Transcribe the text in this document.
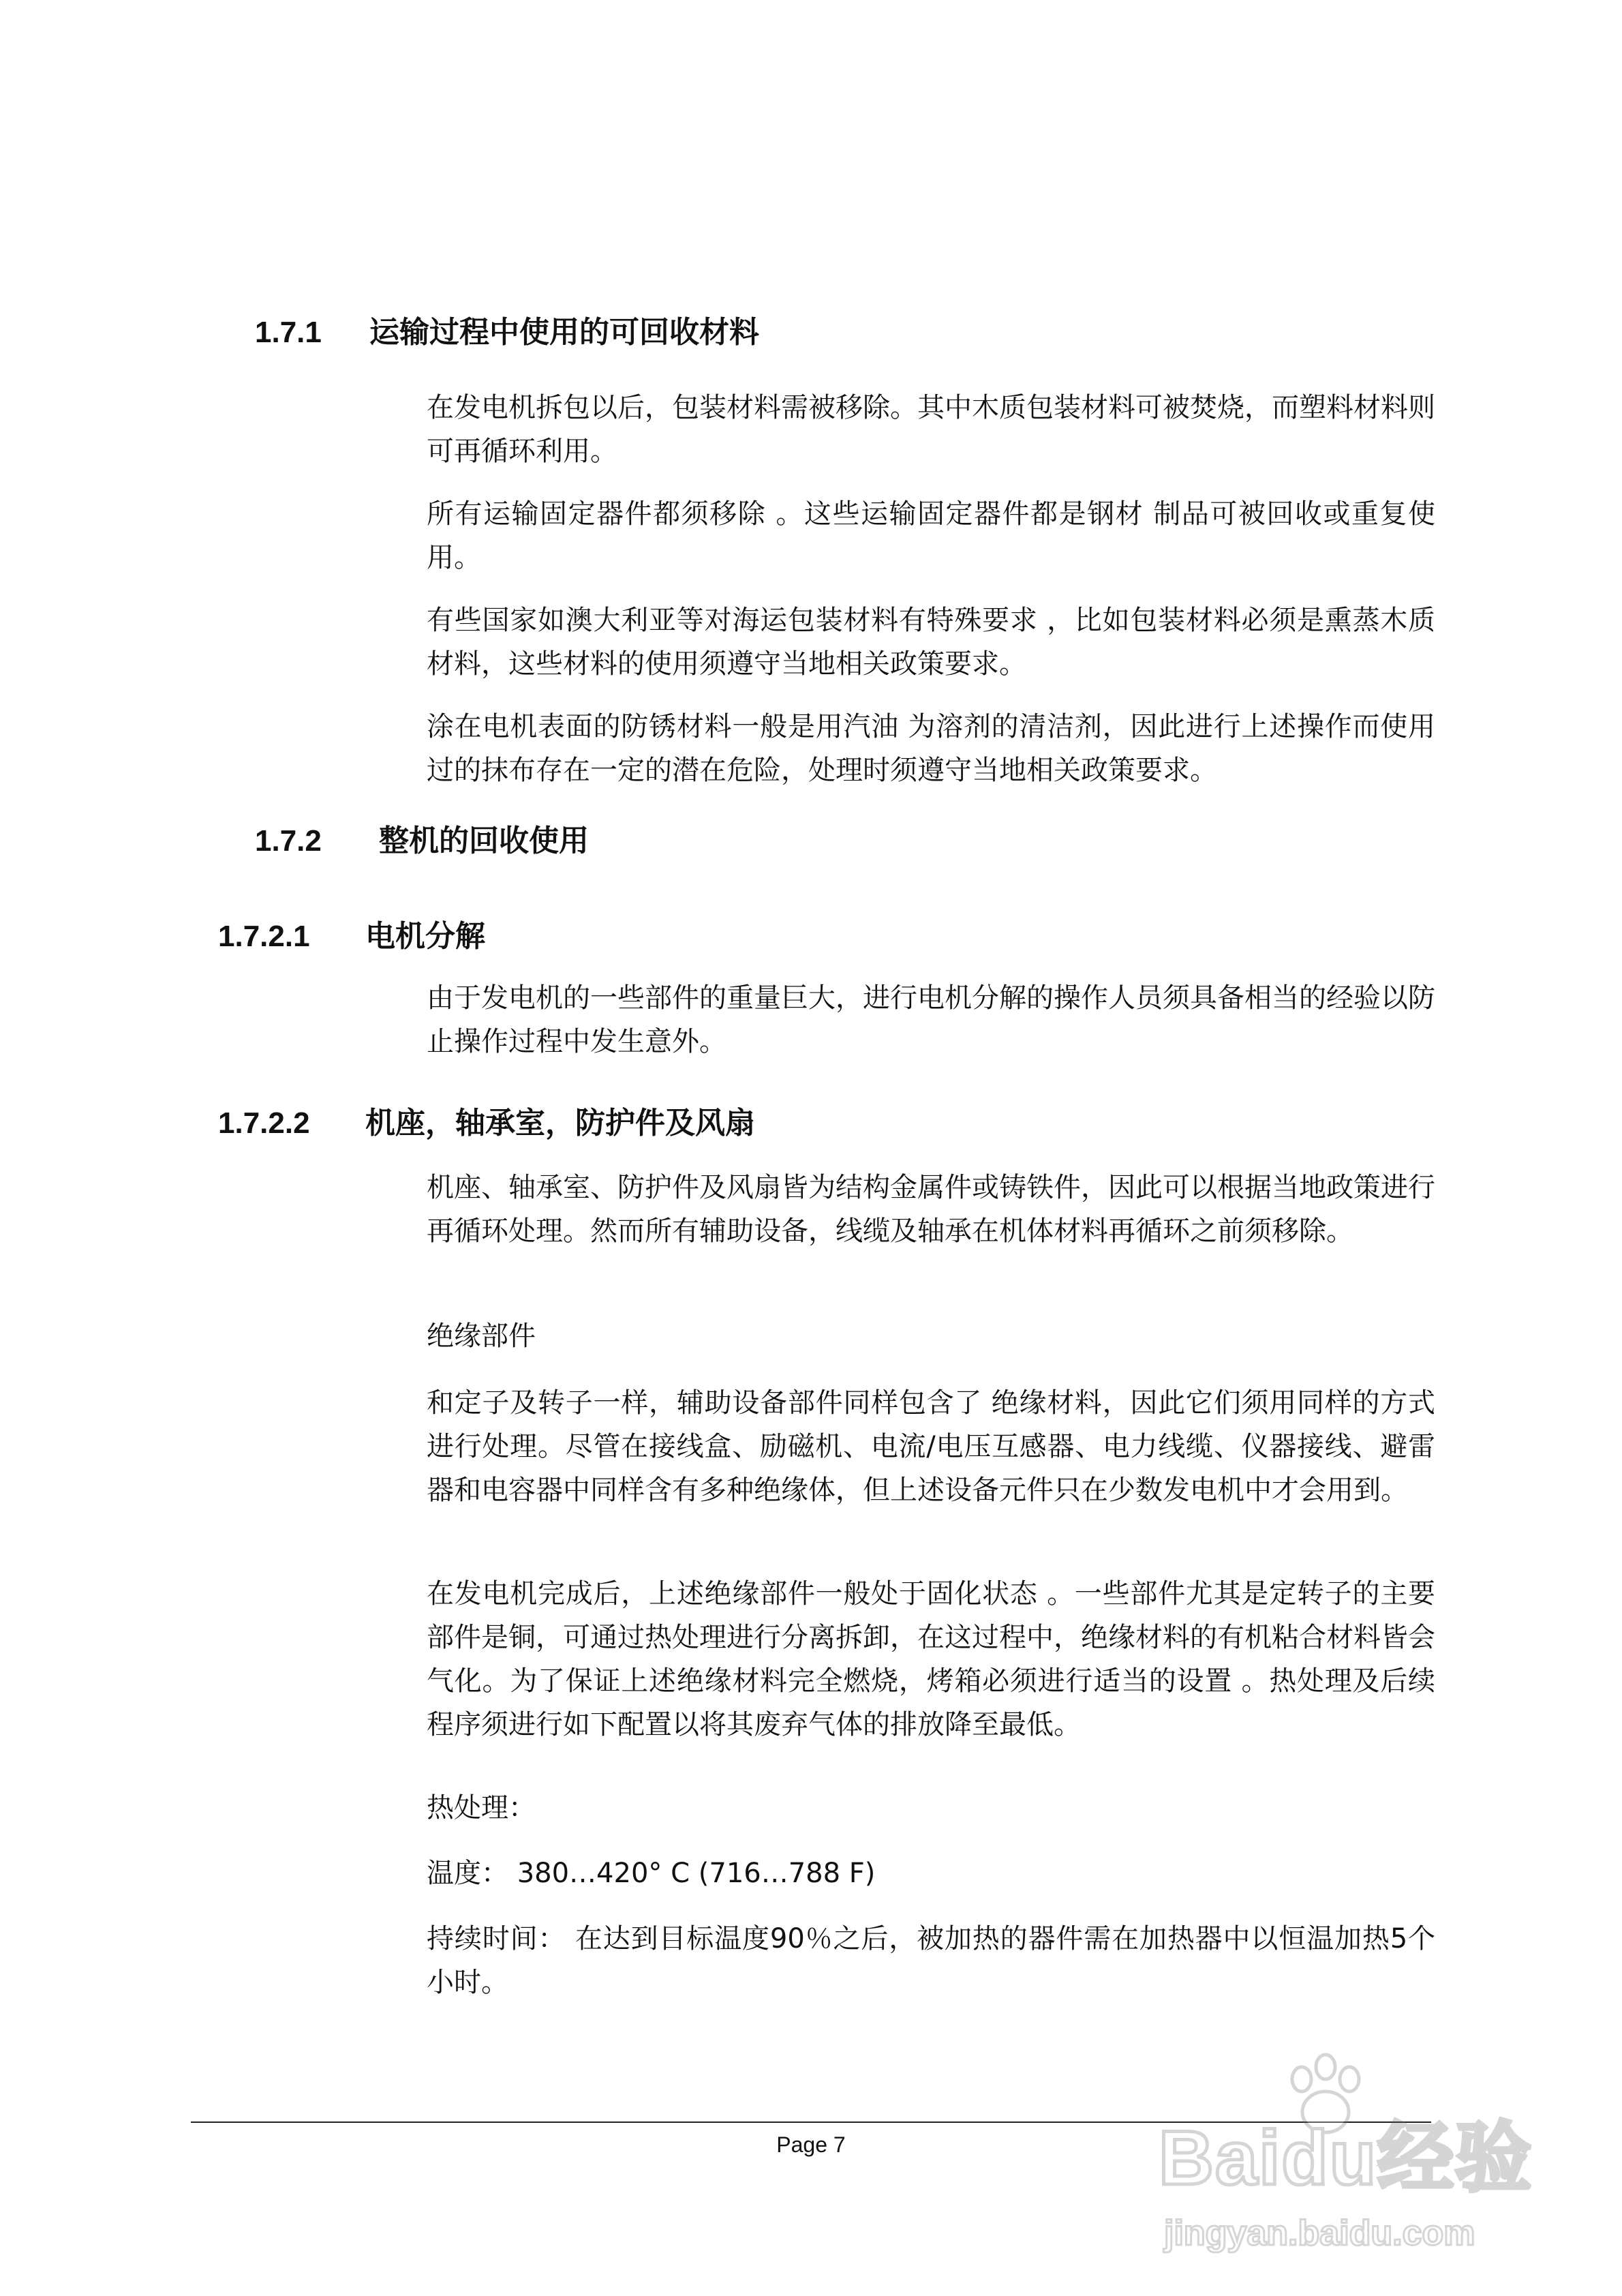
1.7.1 运输过程中使用的可回收材料
在发电机拆包以后，包装材料需被移除。其中木质包装材料可被焚烧，而塑料材料则可再循环利用。
所有运输固定器件都须移除 。这些运输固定器件都是钢材 制品可被回收或重复使用。
有些国家如澳大利亚等对海运包装材料有特殊要求 ，比如包装材料必须是熏蒸木质材料，这些材料的使用须遵守当地相关政策要求。
涂在电机表面的防锈材料一般是用汽油 为溶剂的清洁剂，因此进行上述操作而使用过的抹布存在一定的潜在危险，处理时须遵守当地相关政策要求。
1.7.2 整机的回收使用
1.7.2.1 电机分解
由于发电机的一些部件的重量巨大，进行电机分解的操作人员须具备相当的经验以防止操作过程中发生意外。
1.7.2.2 机座，轴承室，防护件及风扇
机座、轴承室、防护件及风扇皆为结构金属件或铸铁件，因此可以根据当地政策进行再循环处理。然而所有辅助设备，线缆及轴承在机体材料再循环之前须移除。
绝缘部件
和定子及转子一样，辅助设备部件同样包含了 绝缘材料，因此它们须用同样的方式进行处理。尽管在接线盒、励磁机、电流/电压互感器、电力线缆、仪器接线、避雷器和电容器中同样含有多种绝缘体，但上述设备元件只在少数发电机中才会用到。
在发电机完成后，上述绝缘部件一般处于固化状态 。一些部件尤其是定转子的主要部件是铜，可通过热处理进行分离拆卸，在这过程中，绝缘材料的有机粘合材料皆会气化。为了保证上述绝缘材料完全燃烧，烤箱必须进行适当的设置 。热处理及后续程序须进行如下配置以将其废弃气体的排放降至最低。
热处理：
温度： 380…420° C (716…788 F)
持续时间： 在达到目标温度90％之后，被加热的器件需在加热器中以恒温加热5个小时。
Page 7	Baidu经验
jingyan.baidu.com
